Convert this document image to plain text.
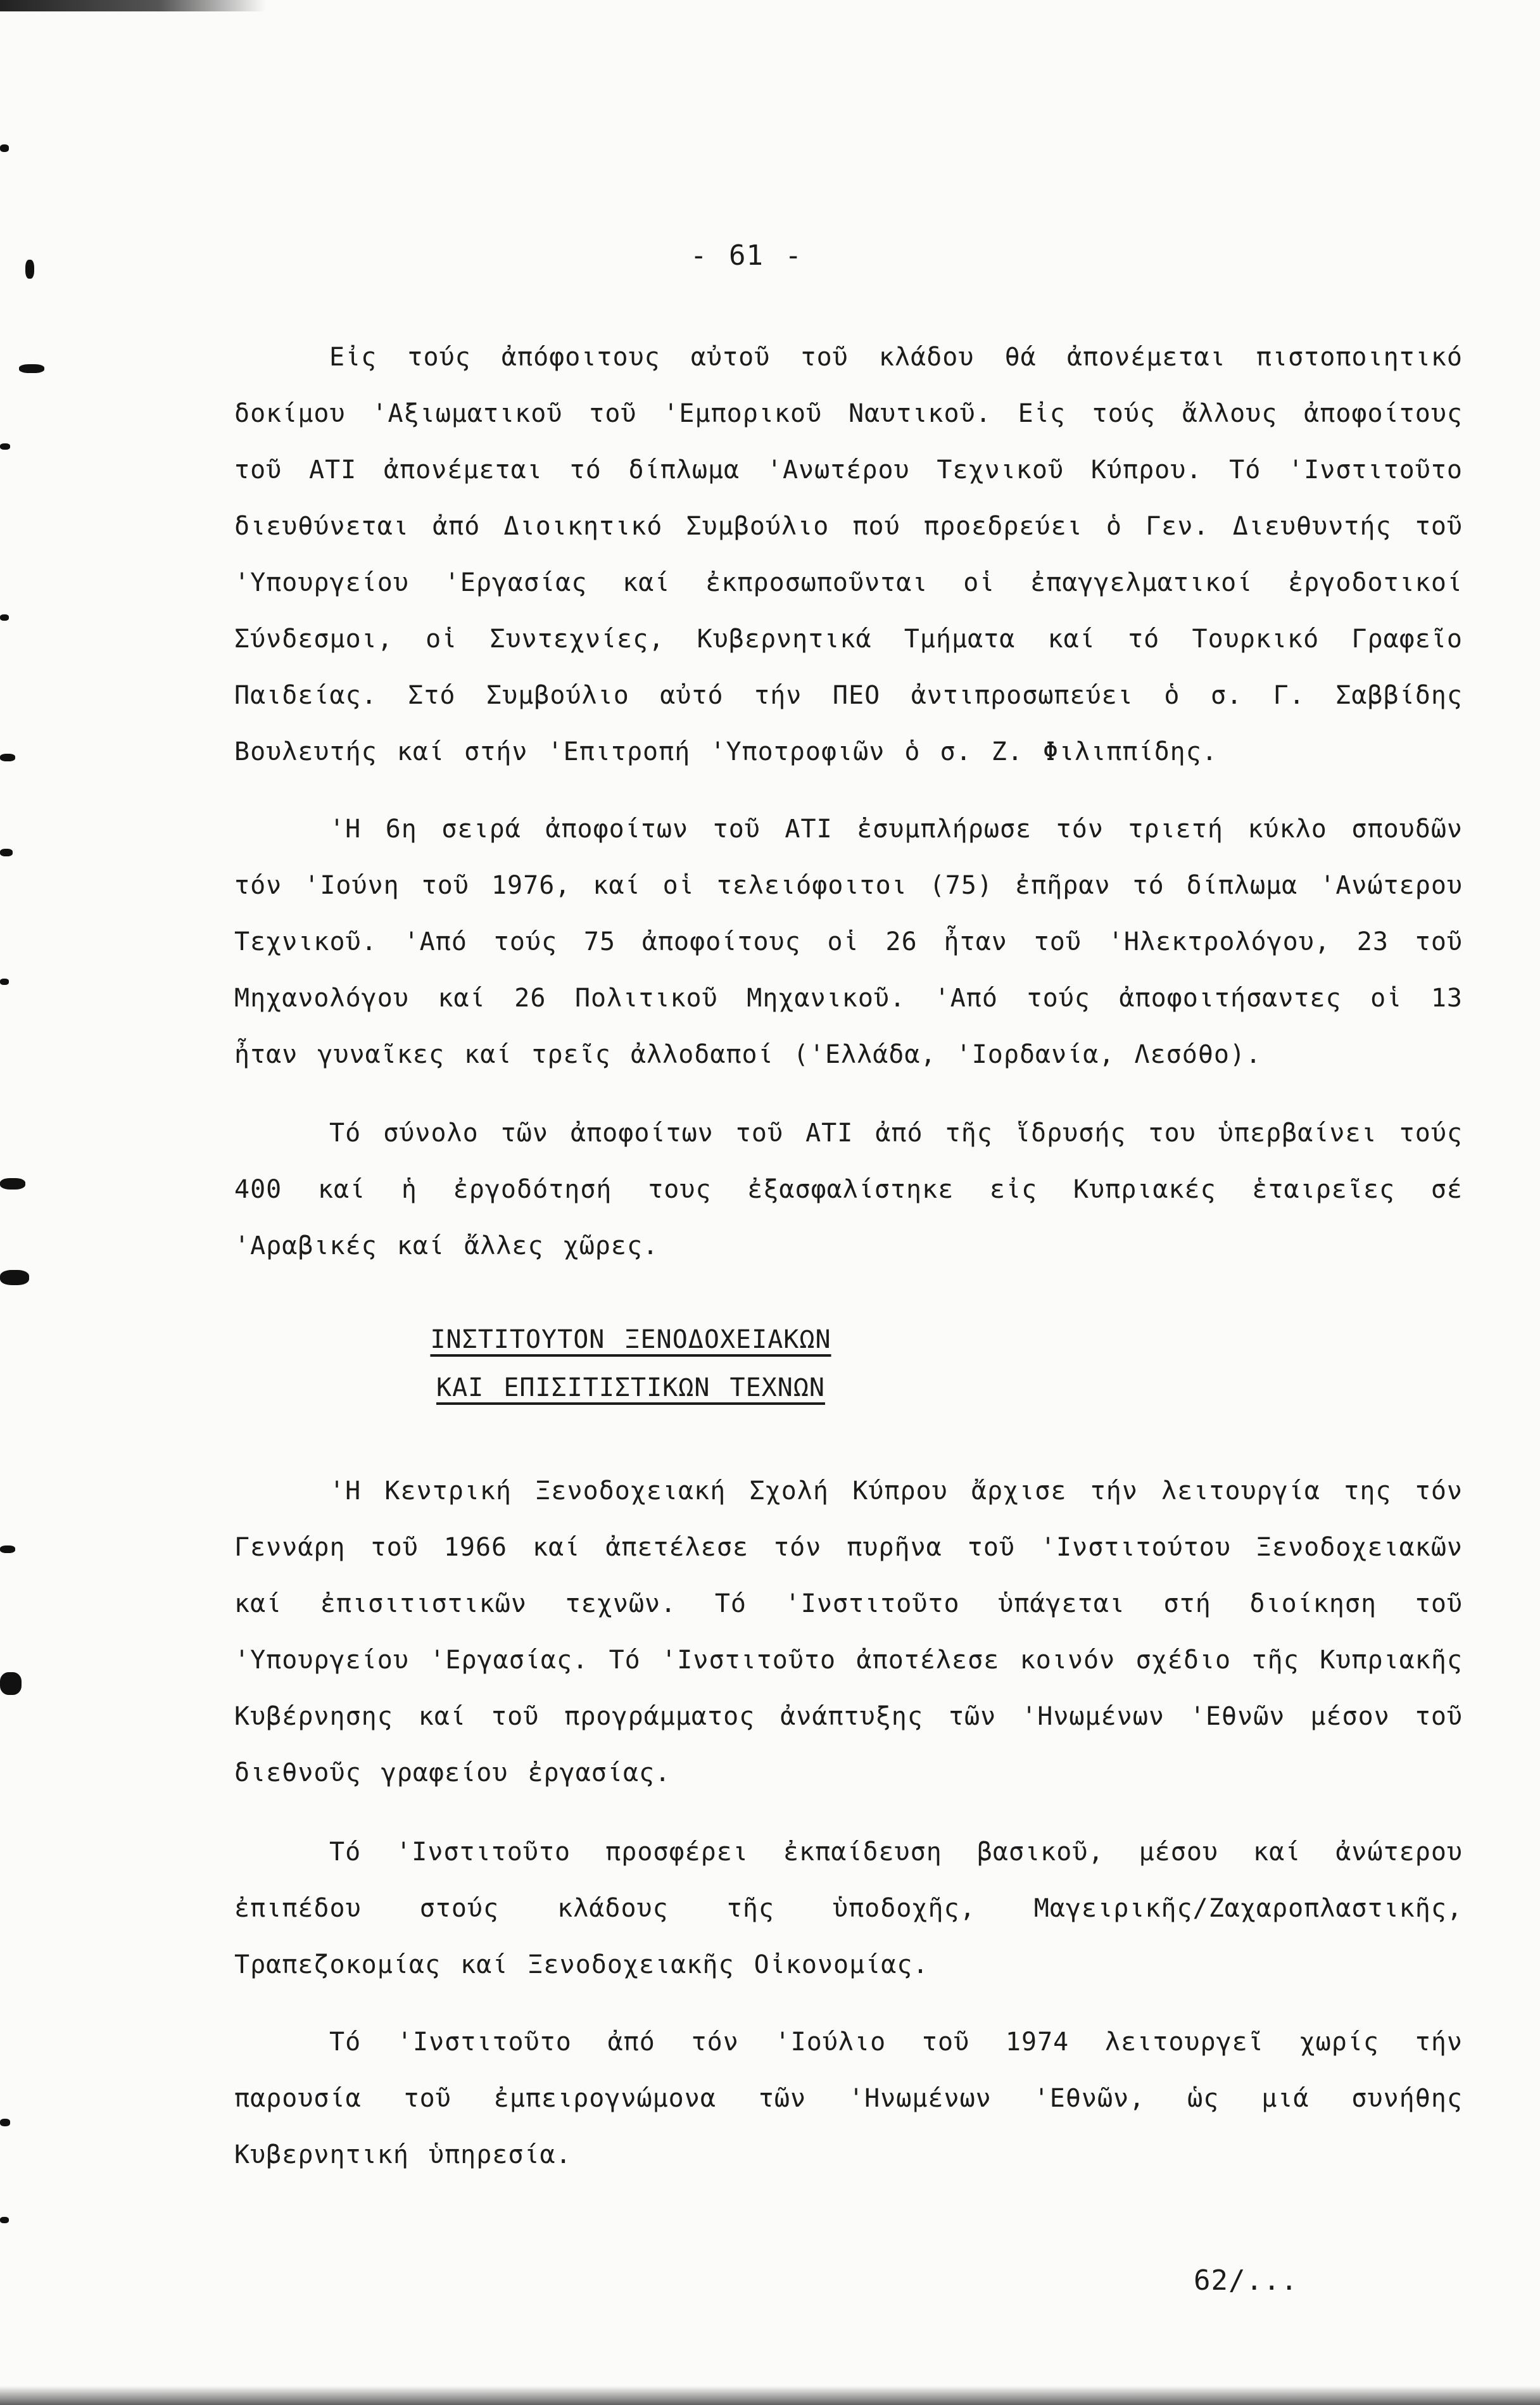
- 61 -

Εἰς τούς ἀπόφοιτους αὐτοῦ τοῦ κλάδου θά ἀπονέμεται πιστοποιητικό δοκίμου 'Αξιωματικοῦ τοῦ 'Εμπορικοῦ Ναυτικοῦ. Εἰς τούς ἄλλους ἀποφοίτους τοῦ ΑΤΙ ἀπονέμεται τό δίπλωμα 'Ανωτέρου Τεχνικοῦ Κύπρου. Τό 'Ινστιτοῦτο διευθύνεται ἀπό Διοικητικό Συμβούλιο πού προεδρεύει ὁ Γεν. Διευθυντής τοῦ 'Υπουργείου 'Εργασίας καί ἐκπροσωποῦνται οἱ ἐπαγγελματικοί ἐργοδοτικοί Σύνδεσμοι, οἱ Συντεχνίες, Κυβερνητικά Τμήματα καί τό Τουρκικό Γραφεῖο Παιδείας. Στό Συμβούλιο αὐτό τήν ΠΕΟ ἀντιπροσωπεύει ὁ σ. Γ. Σαββίδης Βουλευτής καί στήν 'Επιτροπή 'Υποτροφιῶν ὁ σ. Ζ. Φιλιππίδης.

'Η 6η σειρά ἀποφοίτων τοῦ ΑΤΙ ἐσυμπλήρωσε τόν τριετή κύκλο σπουδῶν τόν 'Ιούνη τοῦ 1976, καί οἱ τελειόφοιτοι (75) ἐπῆραν τό δίπλωμα 'Ανώτερου Τεχνικοῦ. 'Από τούς 75 ἀποφοίτους οἱ 26 ἦταν τοῦ 'Ηλεκτρολόγου, 23 τοῦ Μηχανολόγου καί 26 Πολιτικοῦ Μηχανικοῦ. 'Από τούς ἀποφοιτήσαντες οἱ 13 ἦταν γυναῖκες καί τρεῖς ἀλλοδαποί ('Ελλάδα, 'Ιορδανία, Λεσόθο).

Τό σύνολο τῶν ἀποφοίτων τοῦ ΑΤΙ ἀπό τῆς ἵδρυσής του ὑπερβαίνει τούς 400 καί ἡ ἐργοδότησή τους ἐξασφαλίστηκε εἰς Κυπριακές ἑταιρεῖες σέ 'Αραβικές καί ἄλλες χῶρες.

ΙΝΣΤΙΤΟΥΤΟΝ ΞΕΝΟΔΟΧΕΙΑΚΩΝ
ΚΑΙ ΕΠΙΣΙΤΙΣΤΙΚΩΝ ΤΕΧΝΩΝ

'Η Κεντρική Ξενοδοχειακή Σχολή Κύπρου ἄρχισε τήν λειτουργία της τόν Γεννάρη τοῦ 1966 καί ἀπετέλεσε τόν πυρῆνα τοῦ 'Ινστιτούτου Ξενοδοχειακῶν καί ἐπισιτιστικῶν τεχνῶν. Τό 'Ινστιτοῦτο ὑπάγεται στή διοίκηση τοῦ 'Υπουργείου 'Εργασίας. Τό 'Ινστιτοῦτο ἀποτέλεσε κοινόν σχέδιο τῆς Κυπριακῆς Κυβέρνησης καί τοῦ προγράμματος ἀνάπτυξης τῶν 'Ηνωμένων 'Εθνῶν μέσον τοῦ διεθνοῦς γραφείου ἐργασίας.

Τό 'Ινστιτοῦτο προσφέρει ἐκπαίδευση βασικοῦ, μέσου καί ἀνώτερου ἐπιπέδου στούς κλάδους τῆς ὑποδοχῆς, Μαγειρικῆς/Ζαχαροπλαστικῆς, Τραπεζοκομίας καί Ξενοδοχειακῆς Οἰκονομίας.

Τό 'Ινστιτοῦτο ἀπό τόν 'Ιούλιο τοῦ 1974 λειτουργεῖ χωρίς τήν παρουσία τοῦ ἐμπειρογνώμονα τῶν 'Ηνωμένων 'Εθνῶν, ὡς μιά συνήθης Κυβερνητική ὑπηρεσία.

62/...
